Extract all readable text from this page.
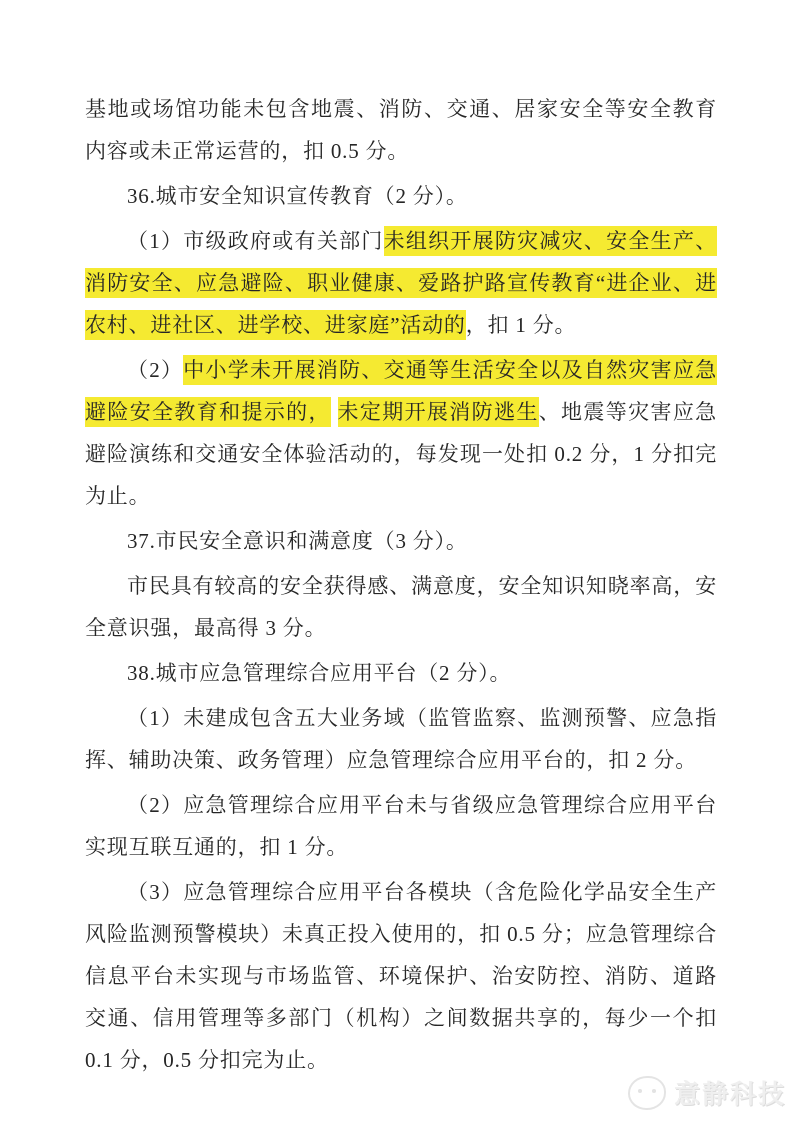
基地或场馆功能未包含地震、消防、交通、居家安全等安全教育内容或未正常运营的，扣 0.5 分。

36.城市安全知识宣传教育（2 分）。

（1）市级政府或有关部门未组织开展防灾减灾、安全生产、消防安全、应急避险、职业健康、爱路护路宣传教育“进企业、进农村、进社区、进学校、进家庭”活动的，扣 1 分。

（2）中小学未开展消防、交通等生活安全以及自然灾害应急避险安全教育和提示的， 未定期开展消防逃生、地震等灾害应急避险演练和交通安全体验活动的，每发现一处扣 0.2 分，1 分扣完为止。

37.市民安全意识和满意度（3 分）。

市民具有较高的安全获得感、满意度，安全知识知晓率高，安全意识强，最高得 3 分。

38.城市应急管理综合应用平台（2 分）。

（1）未建成包含五大业务域（监管监察、监测预警、应急指挥、辅助决策、政务管理）应急管理综合应用平台的，扣 2 分。

（2）应急管理综合应用平台未与省级应急管理综合应用平台实现互联互通的，扣 1 分。

（3）应急管理综合应用平台各模块（含危险化学品安全生产风险监测预警模块）未真正投入使用的，扣 0.5 分；应急管理综合信息平台未实现与市场监管、环境保护、治安防控、消防、道路交通、信用管理等多部门（机构）之间数据共享的，每少一个扣 0.1 分，0.5 分扣完为止。

意静科技
